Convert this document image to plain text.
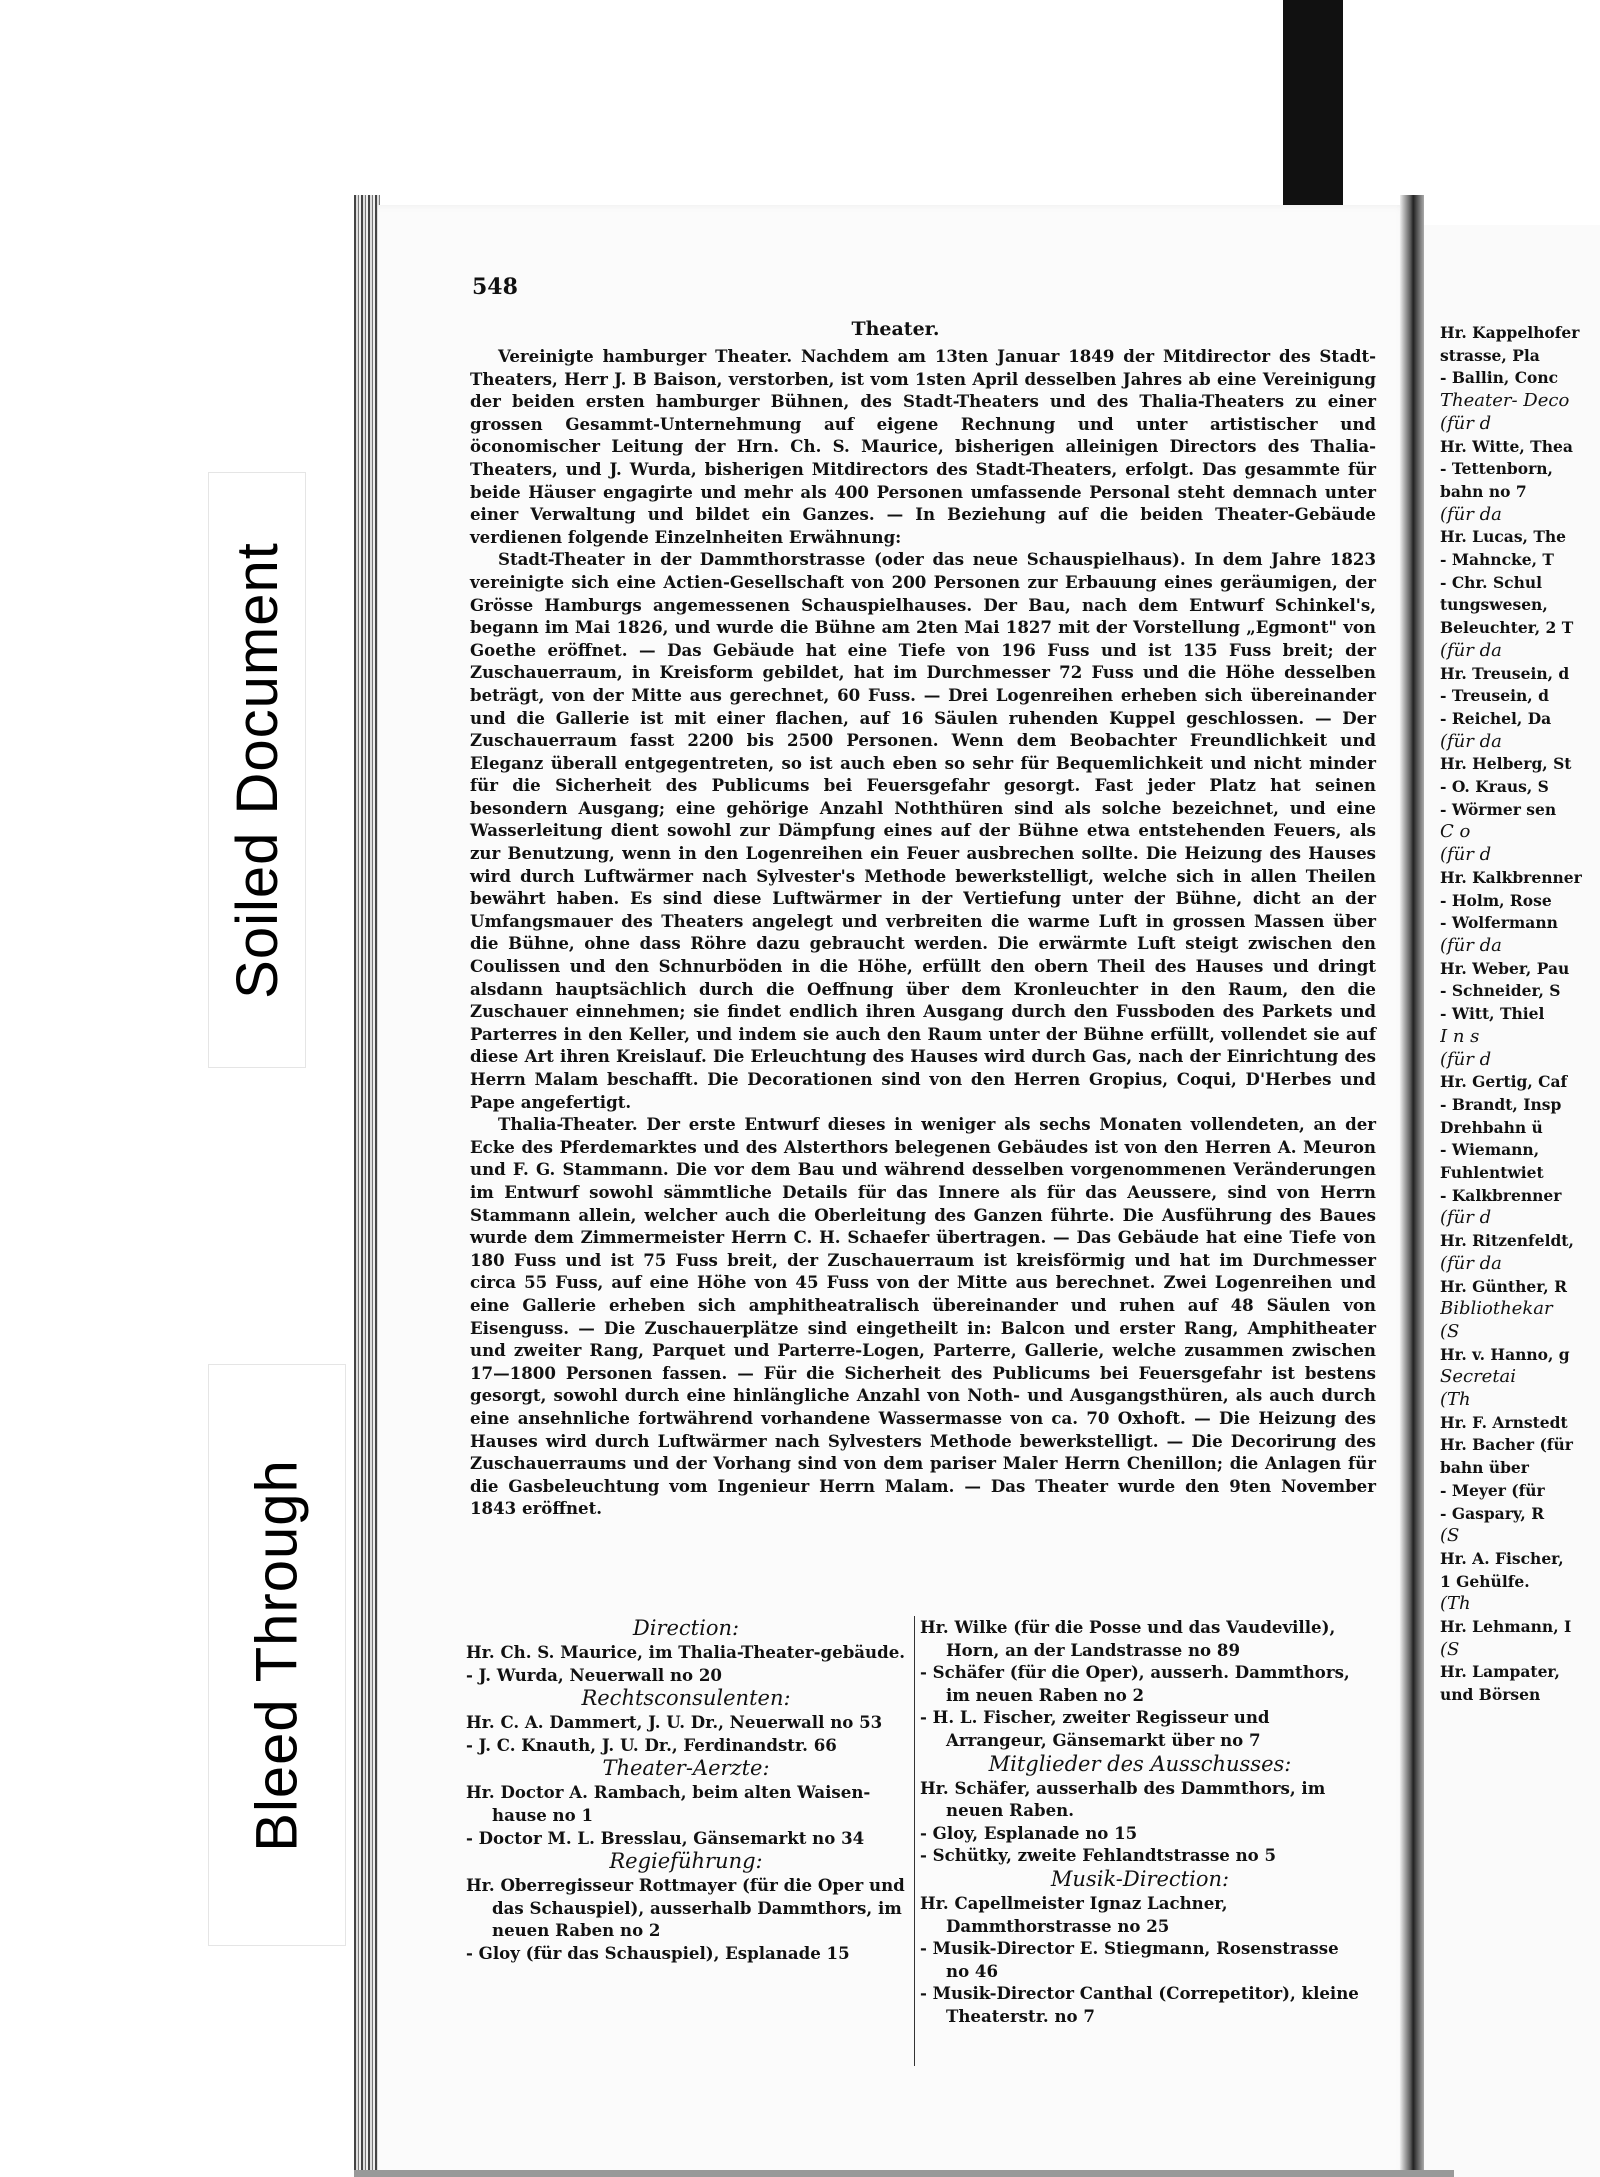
Soiled Document
Bleed Through
548
Theater.

Vereinigte hamburger Theater. Nachdem am 13ten Januar 1849 der Mitdirector des Stadt-Theaters, Herr J. B Baison, verstorben, ist vom 1sten April desselben Jahres ab eine Vereinigung der beiden ersten hamburger Bühnen, des Stadt-Theaters und des Thalia-Theaters zu einer grossen Gesammt-Unternehmung auf eigene Rechnung und unter artistischer und öconomischer Leitung der Hrn. Ch. S. Maurice, bisherigen alleinigen Directors des Thalia-Theaters, und J. Wurda, bisherigen Mitdirectors des Stadt-Theaters, erfolgt. Das gesammte für beide Häuser engagirte und mehr als 400 Personen umfassende Personal steht demnach unter einer Verwaltung und bildet ein Ganzes. — In Beziehung auf die beiden Theater-Gebäude verdienen folgende Einzelnheiten Erwähnung:

Stadt-Theater in der Dammthorstrasse (oder das neue Schauspielhaus). In dem Jahre 1823 vereinigte sich eine Actien-Gesellschaft von 200 Personen zur Erbauung eines geräumigen, der Grösse Hamburgs angemessenen Schauspielhauses. Der Bau, nach dem Entwurf Schinkel's, begann im Mai 1826, und wurde die Bühne am 2ten Mai 1827 mit der Vorstellung „Egmont" von Goethe eröffnet. — Das Gebäude hat eine Tiefe von 196 Fuss und ist 135 Fuss breit; der Zuschauerraum, in Kreisform gebildet, hat im Durchmesser 72 Fuss und die Höhe desselben beträgt, von der Mitte aus gerechnet, 60 Fuss. — Drei Logenreihen erheben sich übereinander und die Gallerie ist mit einer flachen, auf 16 Säulen ruhenden Kuppel geschlossen. — Der Zuschauerraum fasst 2200 bis 2500 Personen. Wenn dem Beobachter Freundlichkeit und Eleganz überall entgegentreten, so ist auch eben so sehr für Bequemlichkeit und nicht minder für die Sicherheit des Publicums bei Feuersgefahr gesorgt. Fast jeder Platz hat seinen besondern Ausgang; eine gehörige Anzahl Noththüren sind als solche bezeichnet, und eine Wasserleitung dient sowohl zur Dämpfung eines auf der Bühne etwa entstehenden Feuers, als zur Benutzung, wenn in den Logenreihen ein Feuer ausbrechen sollte. Die Heizung des Hauses wird durch Luftwärmer nach Sylvester's Methode bewerkstelligt, welche sich in allen Theilen bewährt haben. Es sind diese Luftwärmer in der Vertiefung unter der Bühne, dicht an der Umfangsmauer des Theaters angelegt und verbreiten die warme Luft in grossen Massen über die Bühne, ohne dass Röhre dazu gebraucht werden. Die erwärmte Luft steigt zwischen den Coulissen und den Schnurböden in die Höhe, erfüllt den obern Theil des Hauses und dringt alsdann hauptsächlich durch die Oeffnung über dem Kronleuchter in den Raum, den die Zuschauer einnehmen; sie findet endlich ihren Ausgang durch den Fussboden des Parkets und Parterres in den Keller, und indem sie auch den Raum unter der Bühne erfüllt, vollendet sie auf diese Art ihren Kreislauf. Die Erleuchtung des Hauses wird durch Gas, nach der Einrichtung des Herrn Malam beschafft. Die Decorationen sind von den Herren Gropius, Coqui, D'Herbes und Pape angefertigt.

Thalia-Theater. Der erste Entwurf dieses in weniger als sechs Monaten vollendeten, an der Ecke des Pferdemarktes und des Alsterthors belegenen Gebäudes ist von den Herren A. Meuron und F. G. Stammann. Die vor dem Bau und während desselben vorgenommenen Veränderungen im Entwurf sowohl sämmtliche Details für das Innere als für das Aeussere, sind von Herrn Stammann allein, welcher auch die Oberleitung des Ganzen führte. Die Ausführung des Baues wurde dem Zimmermeister Herrn C. H. Schaefer übertragen. — Das Gebäude hat eine Tiefe von 180 Fuss und ist 75 Fuss breit, der Zuschauerraum ist kreisförmig und hat im Durchmesser circa 55 Fuss, auf eine Höhe von 45 Fuss von der Mitte aus berechnet. Zwei Logenreihen und eine Gallerie erheben sich amphitheatralisch übereinander und ruhen auf 48 Säulen von Eisenguss. — Die Zuschauerplätze sind eingetheilt in: Balcon und erster Rang, Amphitheater und zweiter Rang, Parquet und Parterre-Logen, Parterre, Gallerie, welche zusammen zwischen 17—1800 Personen fassen. — Für die Sicherheit des Publicums bei Feuersgefahr ist bestens gesorgt, sowohl durch eine hinlängliche Anzahl von Noth- und Ausgangsthüren, als auch durch eine ansehnliche fortwährend vorhandene Wassermasse von ca. 70 Oxhoft. — Die Heizung des Hauses wird durch Luftwärmer nach Sylvesters Methode bewerkstelligt. — Die Decorirung des Zuschauerraums und der Vorhang sind von dem pariser Maler Herrn Chenillon; die Anlagen für die Gasbeleuchtung vom Ingenieur Herrn Malam. — Das Theater wurde den 9ten November 1843 eröffnet.

Direction:
Hr. Ch. S. Maurice, im Thalia-Theater-gebäude.
- J. Wurda, Neuerwall no 20
Rechtsconsulenten:
Hr. C. A. Dammert, J. U. Dr., Neuerwall no 53
- J. C. Knauth, J. U. Dr., Ferdinandstr. 66
Theater-Aerzte:
Hr. Doctor A. Rambach, beim alten Waisen-hause no 1
- Doctor M. L. Bresslau, Gänsemarkt no 34
Regieführung:
Hr. Oberregisseur Rottmayer (für die Oper und das Schauspiel), ausserhalb Dammthors, im neuen Raben no 2
- Gloy (für das Schauspiel), Esplanade 15
Hr. Wilke (für die Posse und das Vaudeville), Horn, an der Landstrasse no 89
- Schäfer (für die Oper), ausserh. Dammthors, im neuen Raben no 2
- H. L. Fischer, zweiter Regisseur und Arrangeur, Gänsemarkt über no 7
Mitglieder des Ausschusses:
Hr. Schäfer, ausserhalb des Dammthors, im neuen Raben.
- Gloy, Esplanade no 15
- Schütky, zweite Fehlandtstrasse no 5
Musik-Direction:
Hr. Capellmeister Ignaz Lachner, Dammthorstrasse no 25
- Musik-Director E. Stiegmann, Rosenstrasse no 46
- Musik-Director Canthal (Correpetitor), kleine Theaterstr. no 7
Hr. Kappelhofer
strasse, Pla
- Ballin, Conc
Theater- Deco
(für d
Hr. Witte, Thea
- Tettenborn,
bahn no 7
(für da
Hr. Lucas, The
- Mahncke, T
- Chr. Schul
tungswesen,
Beleuchter, 2 T
(für da
Hr. Treusein, d
- Treusein, d
- Reichel, Da
(für da
Hr. Helberg, St
- O. Kraus, S
- Wörmer sen
C o
(für d
Hr. Kalkbrenner
- Holm, Rose
- Wolfermann
(für da
Hr. Weber, Pau
- Schneider, S
- Witt, Thiel
I n s
(für d
Hr. Gertig, Caf
- Brandt, Insp
Drehbahn ü
- Wiemann,
Fuhlentwiet
- Kalkbrenner
(für d
Hr. Ritzenfeldt,
(für da
Hr. Günther, R
Bibliothekar
(S
Hr. v. Hanno, g
Secretai
(Th
Hr. F. Arnstedt
Hr. Bacher (für
bahn über
- Meyer (für
- Gaspary, R
(S
Hr. A. Fischer,
1 Gehülfe.
(Th
Hr. Lehmann, I
(S
Hr. Lampater,
und Börsen
